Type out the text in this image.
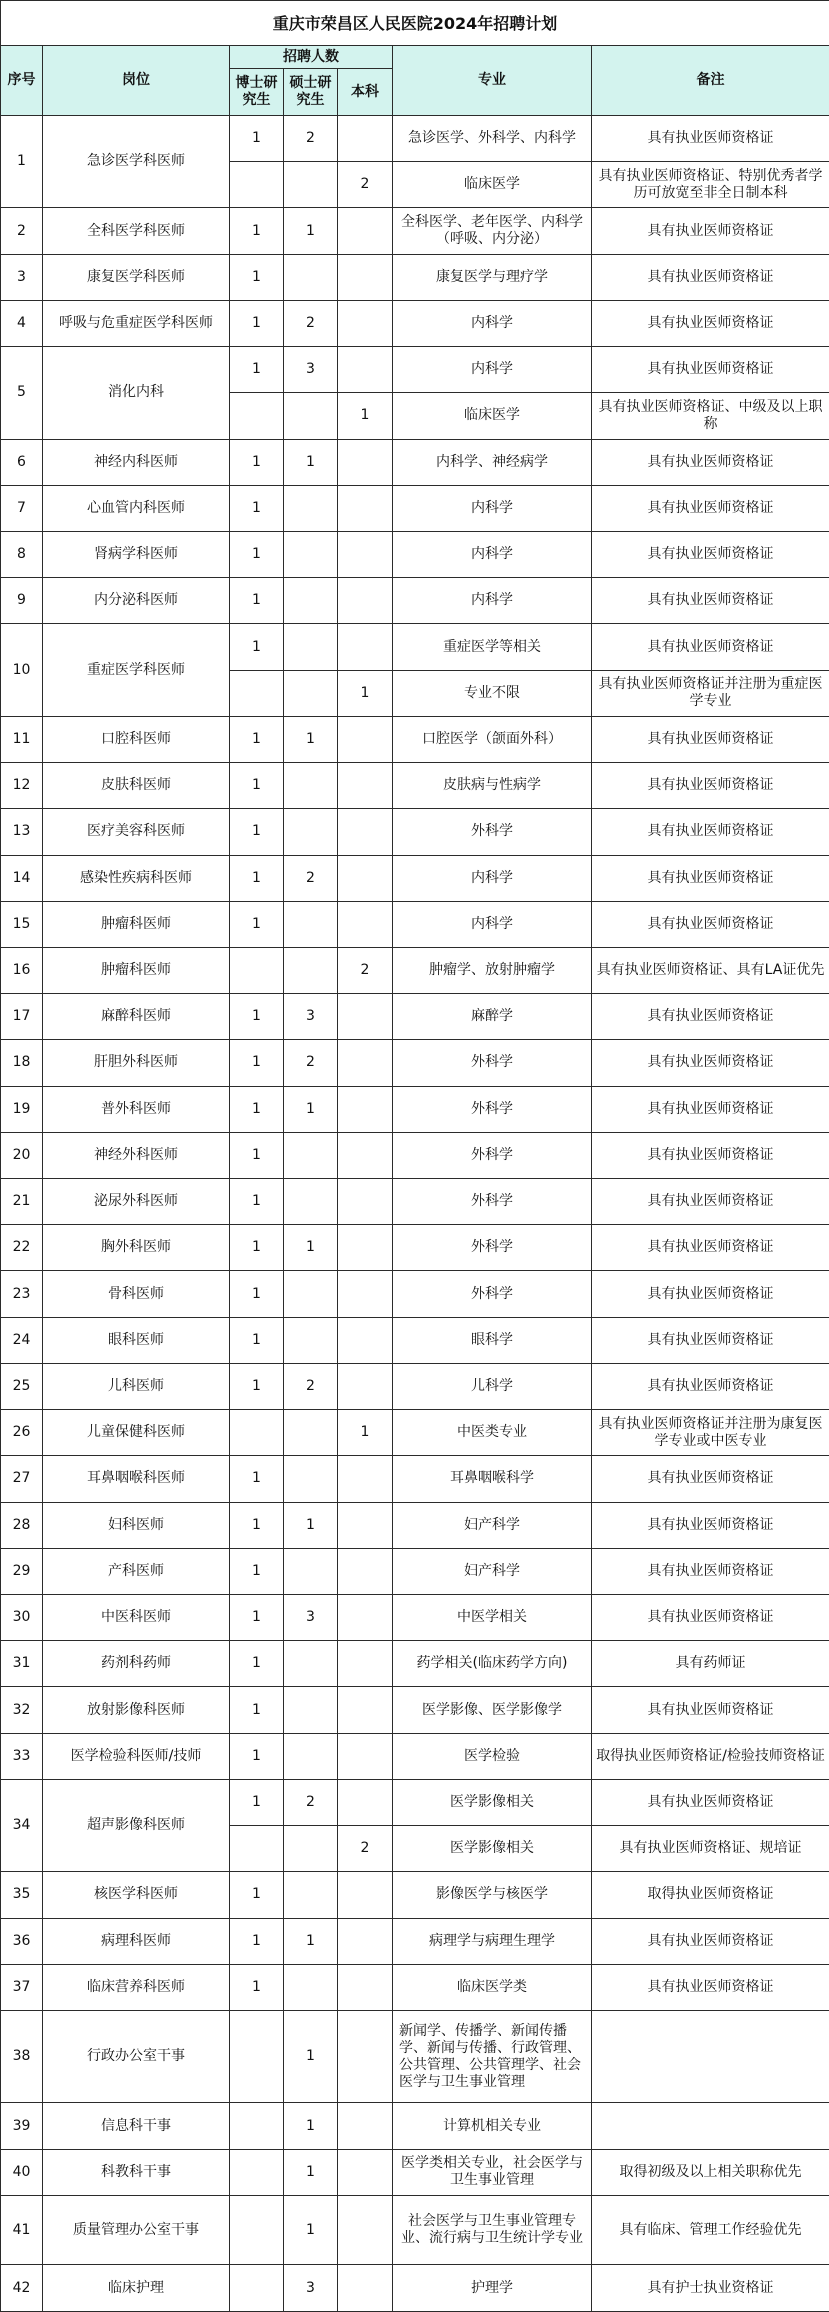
重庆市荣昌区人民医院2024年招聘计划						
序号	岗位	招聘人数			专业	备注
		博士研究生	硕士研究生	本科		
1	急诊医学科医师	1	2		急诊医学、外科学、内科学	具有执业医师资格证
				2	临床医学	具有执业医师资格证、特别优秀者学历可放宽至非全日制本科
2	全科医学科医师	1	1		全科医学、老年医学、内科学（呼吸、内分泌）	具有执业医师资格证
3	康复医学科医师	1			康复医学与理疗学	具有执业医师资格证
4	呼吸与危重症医学科医师	1	2		内科学	具有执业医师资格证
5	消化内科	1	3		内科学	具有执业医师资格证
				1	临床医学	具有执业医师资格证、中级及以上职称
6	神经内科医师	1	1		内科学、神经病学	具有执业医师资格证
7	心血管内科医师	1			内科学	具有执业医师资格证
8	肾病学科医师	1			内科学	具有执业医师资格证
9	内分泌科医师	1			内科学	具有执业医师资格证
10	重症医学科医师	1			重症医学等相关	具有执业医师资格证
				1	专业不限	具有执业医师资格证并注册为重症医学专业
11	口腔科医师	1	1		口腔医学（颌面外科）	具有执业医师资格证
12	皮肤科医师	1			皮肤病与性病学	具有执业医师资格证
13	医疗美容科医师	1			外科学	具有执业医师资格证
14	感染性疾病科医师	1	2		内科学	具有执业医师资格证
15	肿瘤科医师	1			内科学	具有执业医师资格证
16	肿瘤科医师			2	肿瘤学、放射肿瘤学	具有执业医师资格证、具有LA证优先
17	麻醉科医师	1	3		麻醉学	具有执业医师资格证
18	肝胆外科医师	1	2		外科学	具有执业医师资格证
19	普外科医师	1	1		外科学	具有执业医师资格证
20	神经外科医师	1			外科学	具有执业医师资格证
21	泌尿外科医师	1			外科学	具有执业医师资格证
22	胸外科医师	1	1		外科学	具有执业医师资格证
23	骨科医师	1			外科学	具有执业医师资格证
24	眼科医师	1			眼科学	具有执业医师资格证
25	儿科医师	1	2		儿科学	具有执业医师资格证
26	儿童保健科医师			1	中医类专业	具有执业医师资格证并注册为康复医学专业或中医专业
27	耳鼻咽喉科医师	1			耳鼻咽喉科学	具有执业医师资格证
28	妇科医师	1	1		妇产科学	具有执业医师资格证
29	产科医师	1			妇产科学	具有执业医师资格证
30	中医科医师	1	3		中医学相关	具有执业医师资格证
31	药剂科药师	1			药学相关(临床药学方向)	具有药师证
32	放射影像科医师	1			医学影像、医学影像学	具有执业医师资格证
33	医学检验科医师/技师	1			医学检验	取得执业医师资格证/检验技师资格证
34	超声影像科医师	1	2		医学影像相关	具有执业医师资格证
				2	医学影像相关	具有执业医师资格证、规培证
35	核医学科医师	1			影像医学与核医学	取得执业医师资格证
36	病理科医师	1	1		病理学与病理生理学	具有执业医师资格证
37	临床营养科医师	1			临床医学类	具有执业医师资格证
38	行政办公室干事		1		新闻学、传播学、新闻传播学、新闻与传播、行政管理、公共管理、公共管理学、社会医学与卫生事业管理	
39	信息科干事		1		计算机相关专业	
40	科教科干事		1		医学类相关专业，社会医学与卫生事业管理	取得初级及以上相关职称优先
41	质量管理办公室干事		1		社会医学与卫生事业管理专业、流行病与卫生统计学专业	具有临床、管理工作经验优先
42	临床护理		3		护理学	具有护士执业资格证
